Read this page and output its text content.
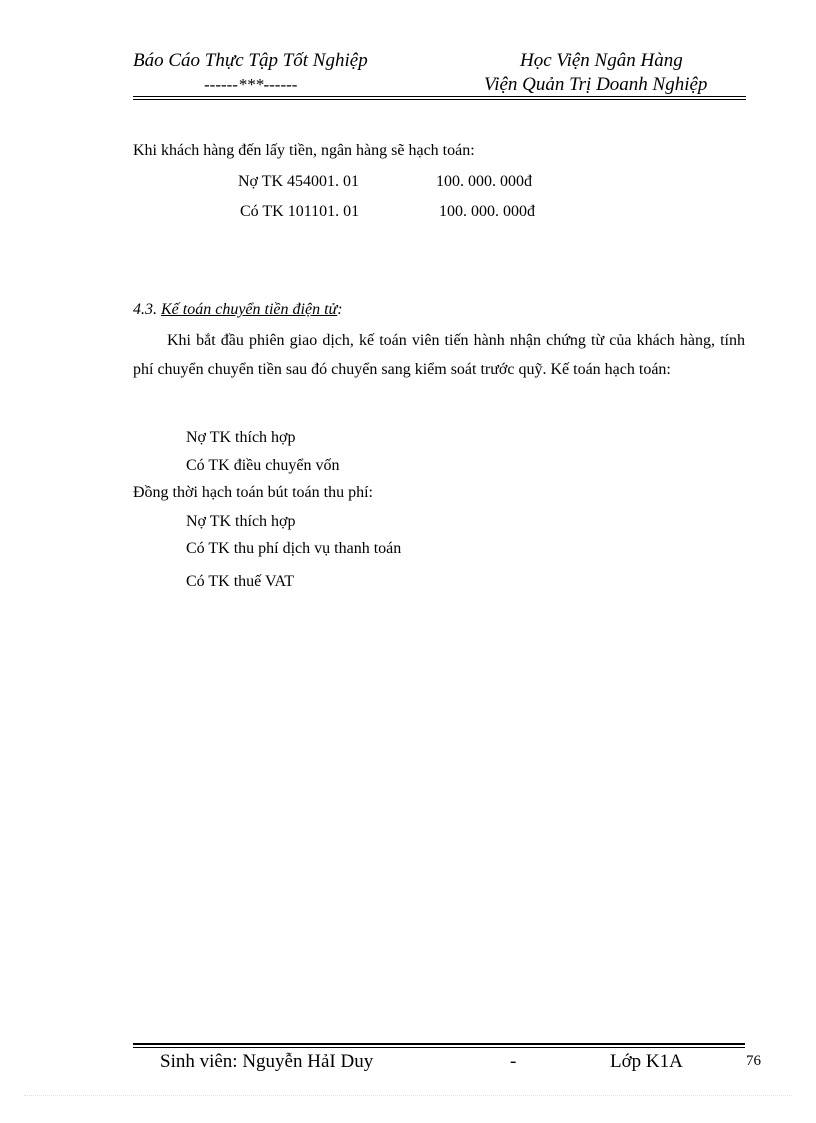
Báo Cáo Thực Tập Tốt Nghiệp
------***------
Học Viện Ngân Hàng
Viện Quản Trị Doanh Nghiệp
Khi khách hàng đến lấy tiền, ngân hàng sẽ hạch toán:
Nợ TK 454001. 01	100. 000. 000đ
Có TK 101101. 01	100. 000. 000đ
4.3. Kế toán chuyển tiền điện tử:
Khi bắt đầu phiên giao dịch, kế toán viên tiến hành nhận chứng từ của khách hàng, tính phí chuyển chuyển tiền sau đó chuyển sang kiểm soát trước quỹ. Kế toán hạch toán:
Nợ TK thích hợp
Có TK điều chuyển vốn
Đồng thời hạch toán bút toán thu phí:
Nợ TK thích hợp
Có TK thu phí dịch vụ thanh toán
Có TK thuế VAT
Sinh viên: Nguyễn HảI Duy	-	Lớp K1A	76
